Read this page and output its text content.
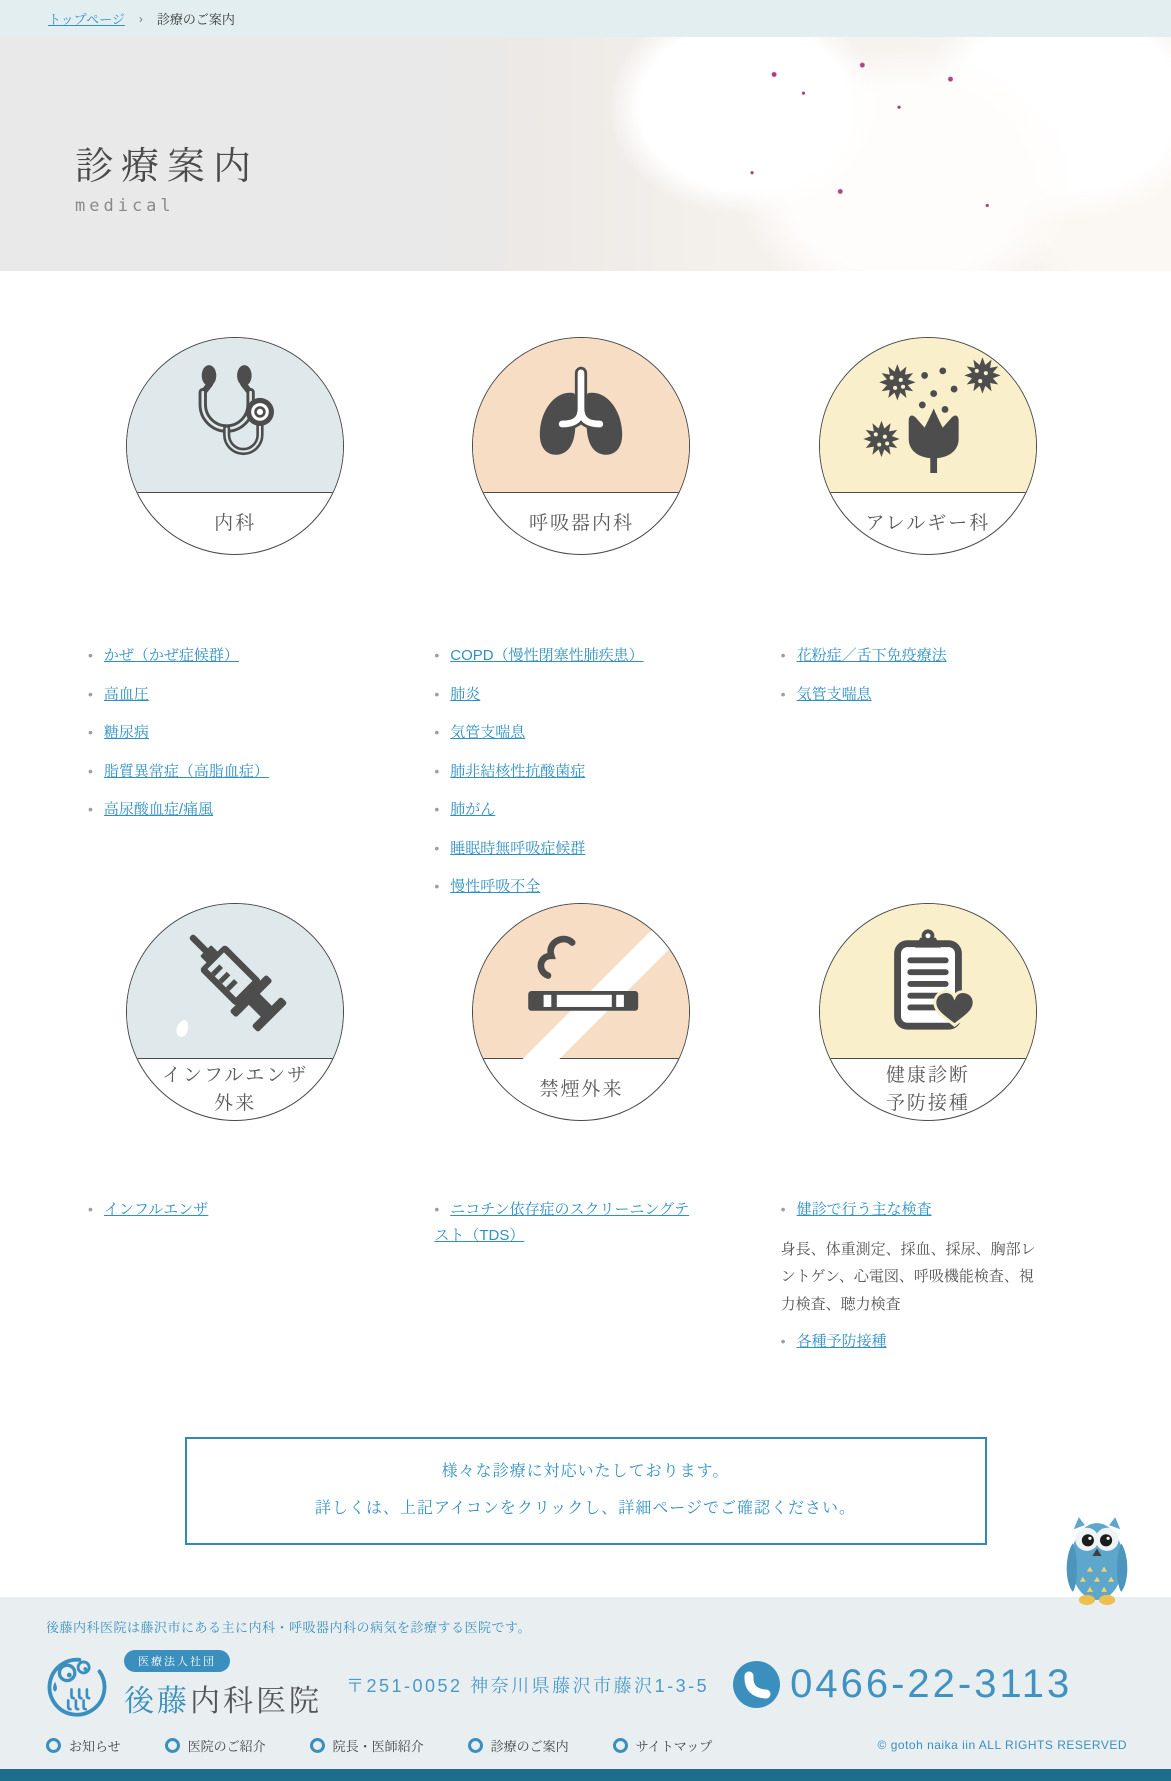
トップページ › 診療のご案内
診療案内
medical
内科
• かぜ（かぜ症候群）
• 高血圧
• 糖尿病
• 脂質異常症（高脂血症）
• 高尿酸血症/痛風
呼吸器内科
• COPD（慢性閉塞性肺疾患）
• 肺炎
• 気管支喘息
• 肺非結核性抗酸菌症
• 肺がん
• 睡眠時無呼吸症候群
• 慢性呼吸不全
アレルギー科
• 花粉症／舌下免疫療法
• 気管支喘息
インフルエンザ
外来
• インフルエンザ
禁煙外来
• ニコチン依存症のスクリーニングテスト（TDS）
健康診断
予防接種
• 健診で行う主な検査
身長、体重測定、採血、採尿、胸部レントゲン、心電図、呼吸機能検査、視力検査、聴力検査
• 各種予防接種
様々な診療に対応いたしております。
詳しくは、上記アイコンをクリックし、詳細ページでご確認ください。
後藤内科医院は藤沢市にある主に内科・呼吸器内科の病気を診療する医院です。
医療法人社団
後藤内科医院 〒251-0052 神奈川県藤沢市藤沢1-3-5 0466-22-3113
お知らせ	医院のご紹介	院長・医師紹介	診療のご案内	サイトマップ	© gotoh naika iin ALL RIGHTS RESERVED
